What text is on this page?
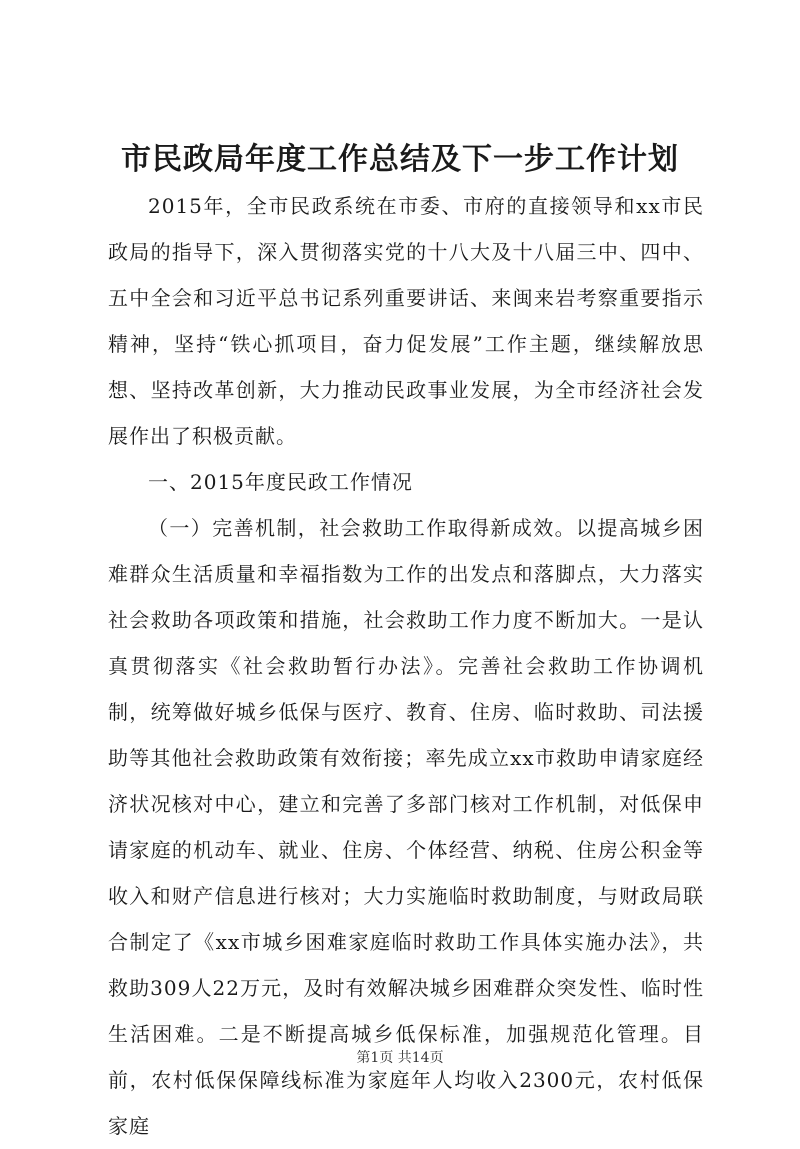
市民政局年度工作总结及下一步工作计划

2015年，全市民政系统在市委、市府的直接领导和xx市民政局的指导下，深入贯彻落实党的十八大及十八届三中、四中、五中全会和习近平总书记系列重要讲话、来闽来岩考察重要指示精神，坚持“铁心抓项目，奋力促发展”工作主题，继续解放思想、坚持改革创新，大力推动民政事业发展，为全市经济社会发展作出了积极贡献。

一、2015年度民政工作情况

（一）完善机制，社会救助工作取得新成效。以提高城乡困难群众生活质量和幸福指数为工作的出发点和落脚点，大力落实社会救助各项政策和措施，社会救助工作力度不断加大。一是认真贯彻落实《社会救助暂行办法》。完善社会救助工作协调机制，统筹做好城乡低保与医疗、教育、住房、临时救助、司法援助等其他社会救助政策有效衔接；率先成立xx市救助申请家庭经济状况核对中心，建立和完善了多部门核对工作机制，对低保申请家庭的机动车、就业、住房、个体经营、纳税、住房公积金等收入和财产信息进行核对；大力实施临时救助制度，与财政局联合制定了《xx市城乡困难家庭临时救助工作具体实施办法》，共救助309人22万元，及时有效解决城乡困难群众突发性、临时性生活困难。二是不断提高城乡低保标准，加强规范化管理。目前，农村低保保障线标准为家庭年人均收入2300元，农村低保家庭

第1页 共14页
